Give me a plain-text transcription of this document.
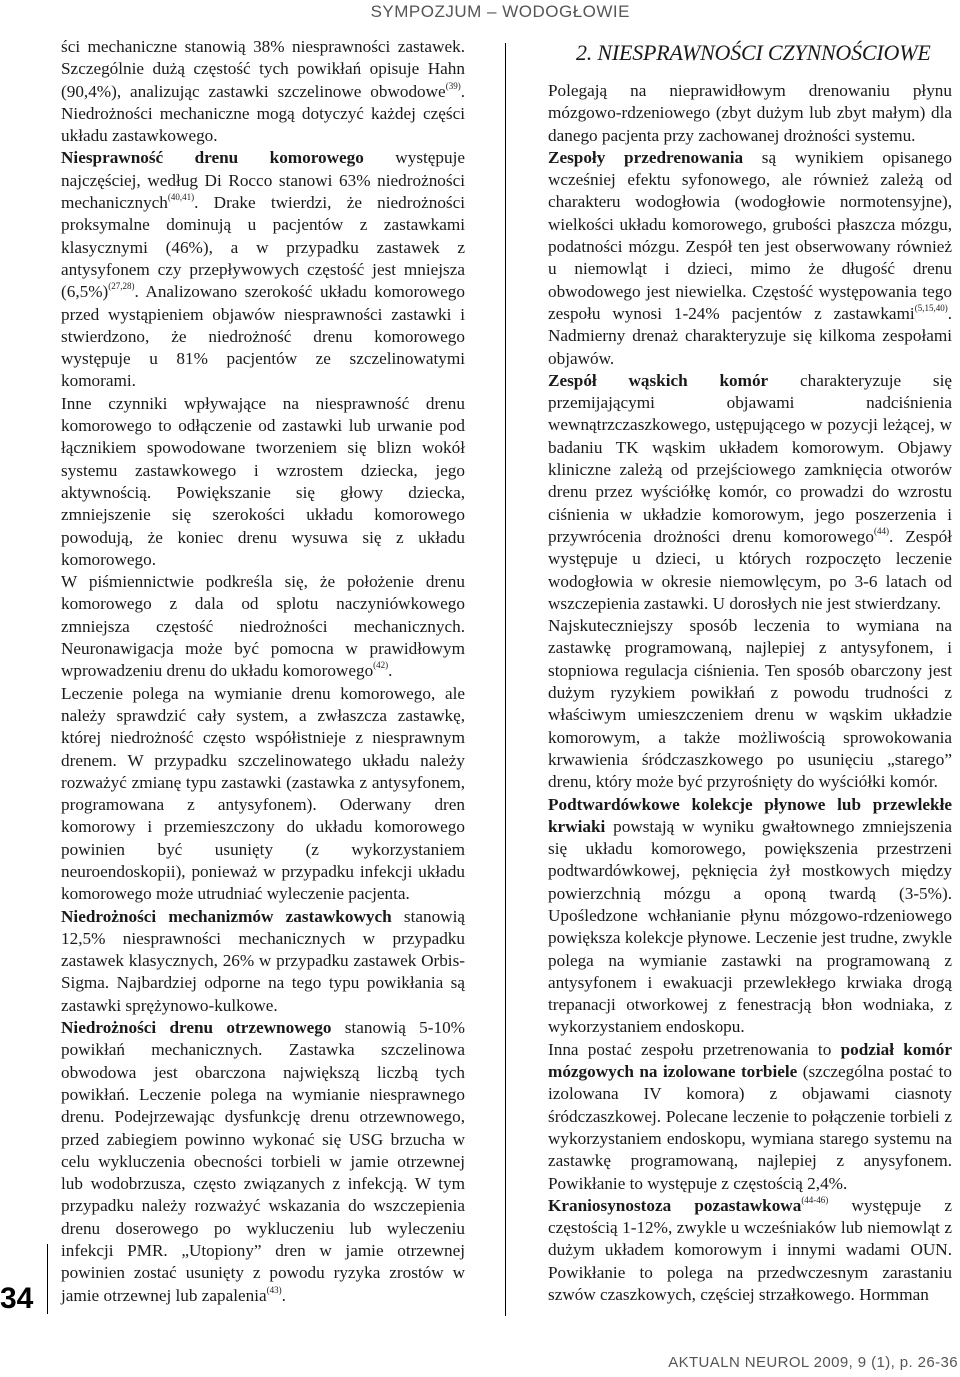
SYMPOZJUM – WODOGŁOWIE

ści mechaniczne stanowią 38% niesprawności zastawek. Szczególnie dużą częstość tych powikłań opisuje Hahn (90,4%), analizując zastawki szczelinowe obwodowe$^{(39)}$. Niedrożności mechaniczne mogą dotyczyć każdej części układu zastawkowego.

Niesprawność drenu komorowego występuje najczęściej, według Di Rocco stanowi 63% niedrożności mechanicznych$^{(40,41)}$. Drake twierdzi, że niedrożności proksymalne dominują u pacjentów z zastawkami klasycznymi (46%), a w przypadku zastawek z antysyfonem czy przepływowych częstość jest mniejsza $(6,5\%)^{(27,28)}$. Analizowano szerokość układu komorowego przed wystąpieniem objawów niesprawności zastawki i stwierdzono, że niedrożność drenu komorowego występuje u 81% pacjentów ze szczelinowatymi komorami.

Inne czynniki wpływające na niesprawność drenu komorowego to odłączenie od zastawki lub urwanie pod łącznikiem spowodowane tworzeniem się blizn wokół systemu zastawkowego i wzrostem dziecka, jego aktywnością. Powiększanie się głowy dziecka, zmniejszenie się szerokości układu komorowego powodują, że koniec drenu wysuwa się z układu komorowego.

W piśmiennictwie podkreśla się, że położenie drenu komorowego z dala od splotu naczyniówkowego zmniejsza częstość niedrożności mechanicznych. Neuronawigacja może być pomocna w prawidłowym wprowadzeniu drenu do układu komorowego$^{(42)}$.

Leczenie polega na wymianie drenu komorowego, ale należy sprawdzić cały system, a zwłaszcza zastawkę, której niedrożność często współistnieje z niesprawnym drenem. W przypadku szczelinowatego układu należy rozważyć zmianę typu zastawki (zastawka z antysyfonem, programowana z antysyfonem). Oderwany dren komorowy i przemieszczony do układu komorowego powinien być usunięty (z wykorzystaniem neuroendoskopii), ponieważ w przypadku infekcji układu komorowego może utrudniać wyleczenie pacjenta.

Niedrożności mechanizmów zastawkowych stanowią 12,5% niesprawności mechanicznych w przypadku zastawek klasycznych, 26% w przypadku zastawek Orbis-Sigma. Najbardziej odporne na tego typu powikłania są zastawki sprężynowo-kulkowe.

Niedrożności drenu otrzewnowego stanowią 5-10% powikłań mechanicznych. Zastawka szczelinowa obwodowa jest obarczona największą liczbą tych powikłań. Leczenie polega na wymianie niesprawnego drenu. Podejrzewając dysfunkcję drenu otrzewnowego, przed zabiegiem powinno wykonać się USG brzucha w celu wykluczenia obecności torbieli w jamie otrzewnej lub wodobrzusza, często związanych z infekcją. W tym przypadku należy rozważyć wskazania do wszczepienia drenu doserowego po wykluczeniu lub wyleczeniu infekcji PMR. „Utopiony” dren w jamie otrzewnej powinien zostać usunięty z powodu ryzyka zrostów w jamie otrzewnej lub zapalenia$^{(43)}$.

2. NIESPRAWNOŚCI CZYNNOŚCIOWE

Polegają na nieprawidłowym drenowaniu płynu mózgowo-rdzeniowego (zbyt dużym lub zbyt małym) dla danego pacjenta przy zachowanej drożności systemu.

Zespoły przedrenowania są wynikiem opisanego wcześniej efektu syfonowego, ale również zależą od charakteru wodogłowia (wodogłowie normotensyjne), wielkości układu komorowego, grubości płaszcza mózgu, podatności mózgu. Zespół ten jest obserwowany również u niemowląt i dzieci, mimo że długość drenu obwodowego jest niewielka. Częstość występowania tego zespołu wynosi 1-24% pacjentów z zastawkami$^{(5,15,40)}$. Nadmierny drenaż charakteryzuje się kilkoma zespołami objawów.

Zespół wąskich komór charakteryzuje się przemijającymi objawami nadciśnienia wewnątrzczaszkowego, ustępującego w pozycji leżącej, w badaniu TK wąskim układem komorowym. Objawy kliniczne zależą od przejściowego zamknięcia otworów drenu przez wyściółkę komór, co prowadzi do wzrostu ciśnienia w układzie komorowym, jego poszerzenia i przywrócenia drożności drenu komorowego$^{(44)}$. Zespół występuje u dzieci, u których rozpoczęto leczenie wodogłowia w okresie niemowlęcym, po 3-6 latach od wszczepienia zastawki. U dorosłych nie jest stwierdzany.

Najskuteczniejszy sposób leczenia to wymiana na zastawkę programowaną, najlepiej z antysyfonem, i stopniowa regulacja ciśnienia. Ten sposób obarczony jest dużym ryzykiem powikłań z powodu trudności z właściwym umieszczeniem drenu w wąskim układzie komorowym, a także możliwością sprowokowania krwawienia śródczaszkowego po usunięciu „starego” drenu, który może być przyrośnięty do wyściółki komór.

Podtwardówkowe kolekcje płynowe lub przewlekłe krwiaki powstają w wyniku gwałtownego zmniejszenia się układu komorowego, powiększenia przestrzeni podtwardówkowej, pęknięcia żył mostkowych między powierzchnią mózgu a oponą twardą (3-5%). Upośledzone wchłanianie płynu mózgowo-rdzeniowego powiększa kolekcje płynowe. Leczenie jest trudne, zwykle polega na wymianie zastawki na programowaną z antysyfonem i ewakuacji przewlekłego krwiaka drogą trepanacji otworkowej z fenestracją błon wodniaka, z wykorzystaniem endoskopu.

Inna postać zespołu przetrenowania to podział komór mózgowych na izolowane torbiele (szczególna postać to izolowana IV komora) z objawami ciasnoty śródczaszkowej. Polecane leczenie to połączenie torbieli z wykorzystaniem endoskopu, wymiana starego systemu na zastawkę programowaną, najlepiej z anysyfonem. Powikłanie to występuje z częstością 2,4%.

Kraniosynostoza pozastawkowa$^{(44-46)}$ występuje z częstością 1-12%, zwykle u wcześniaków lub niemowląt z dużym układem komorowym i innymi wadami OUN. Powikłanie to polega na przedwczesnym zarastaniu szwów czaszkowych, częściej strzałkowego. Hormman

34
AKTUALN NEUROL 2009, 9 (1), p. 26-36
